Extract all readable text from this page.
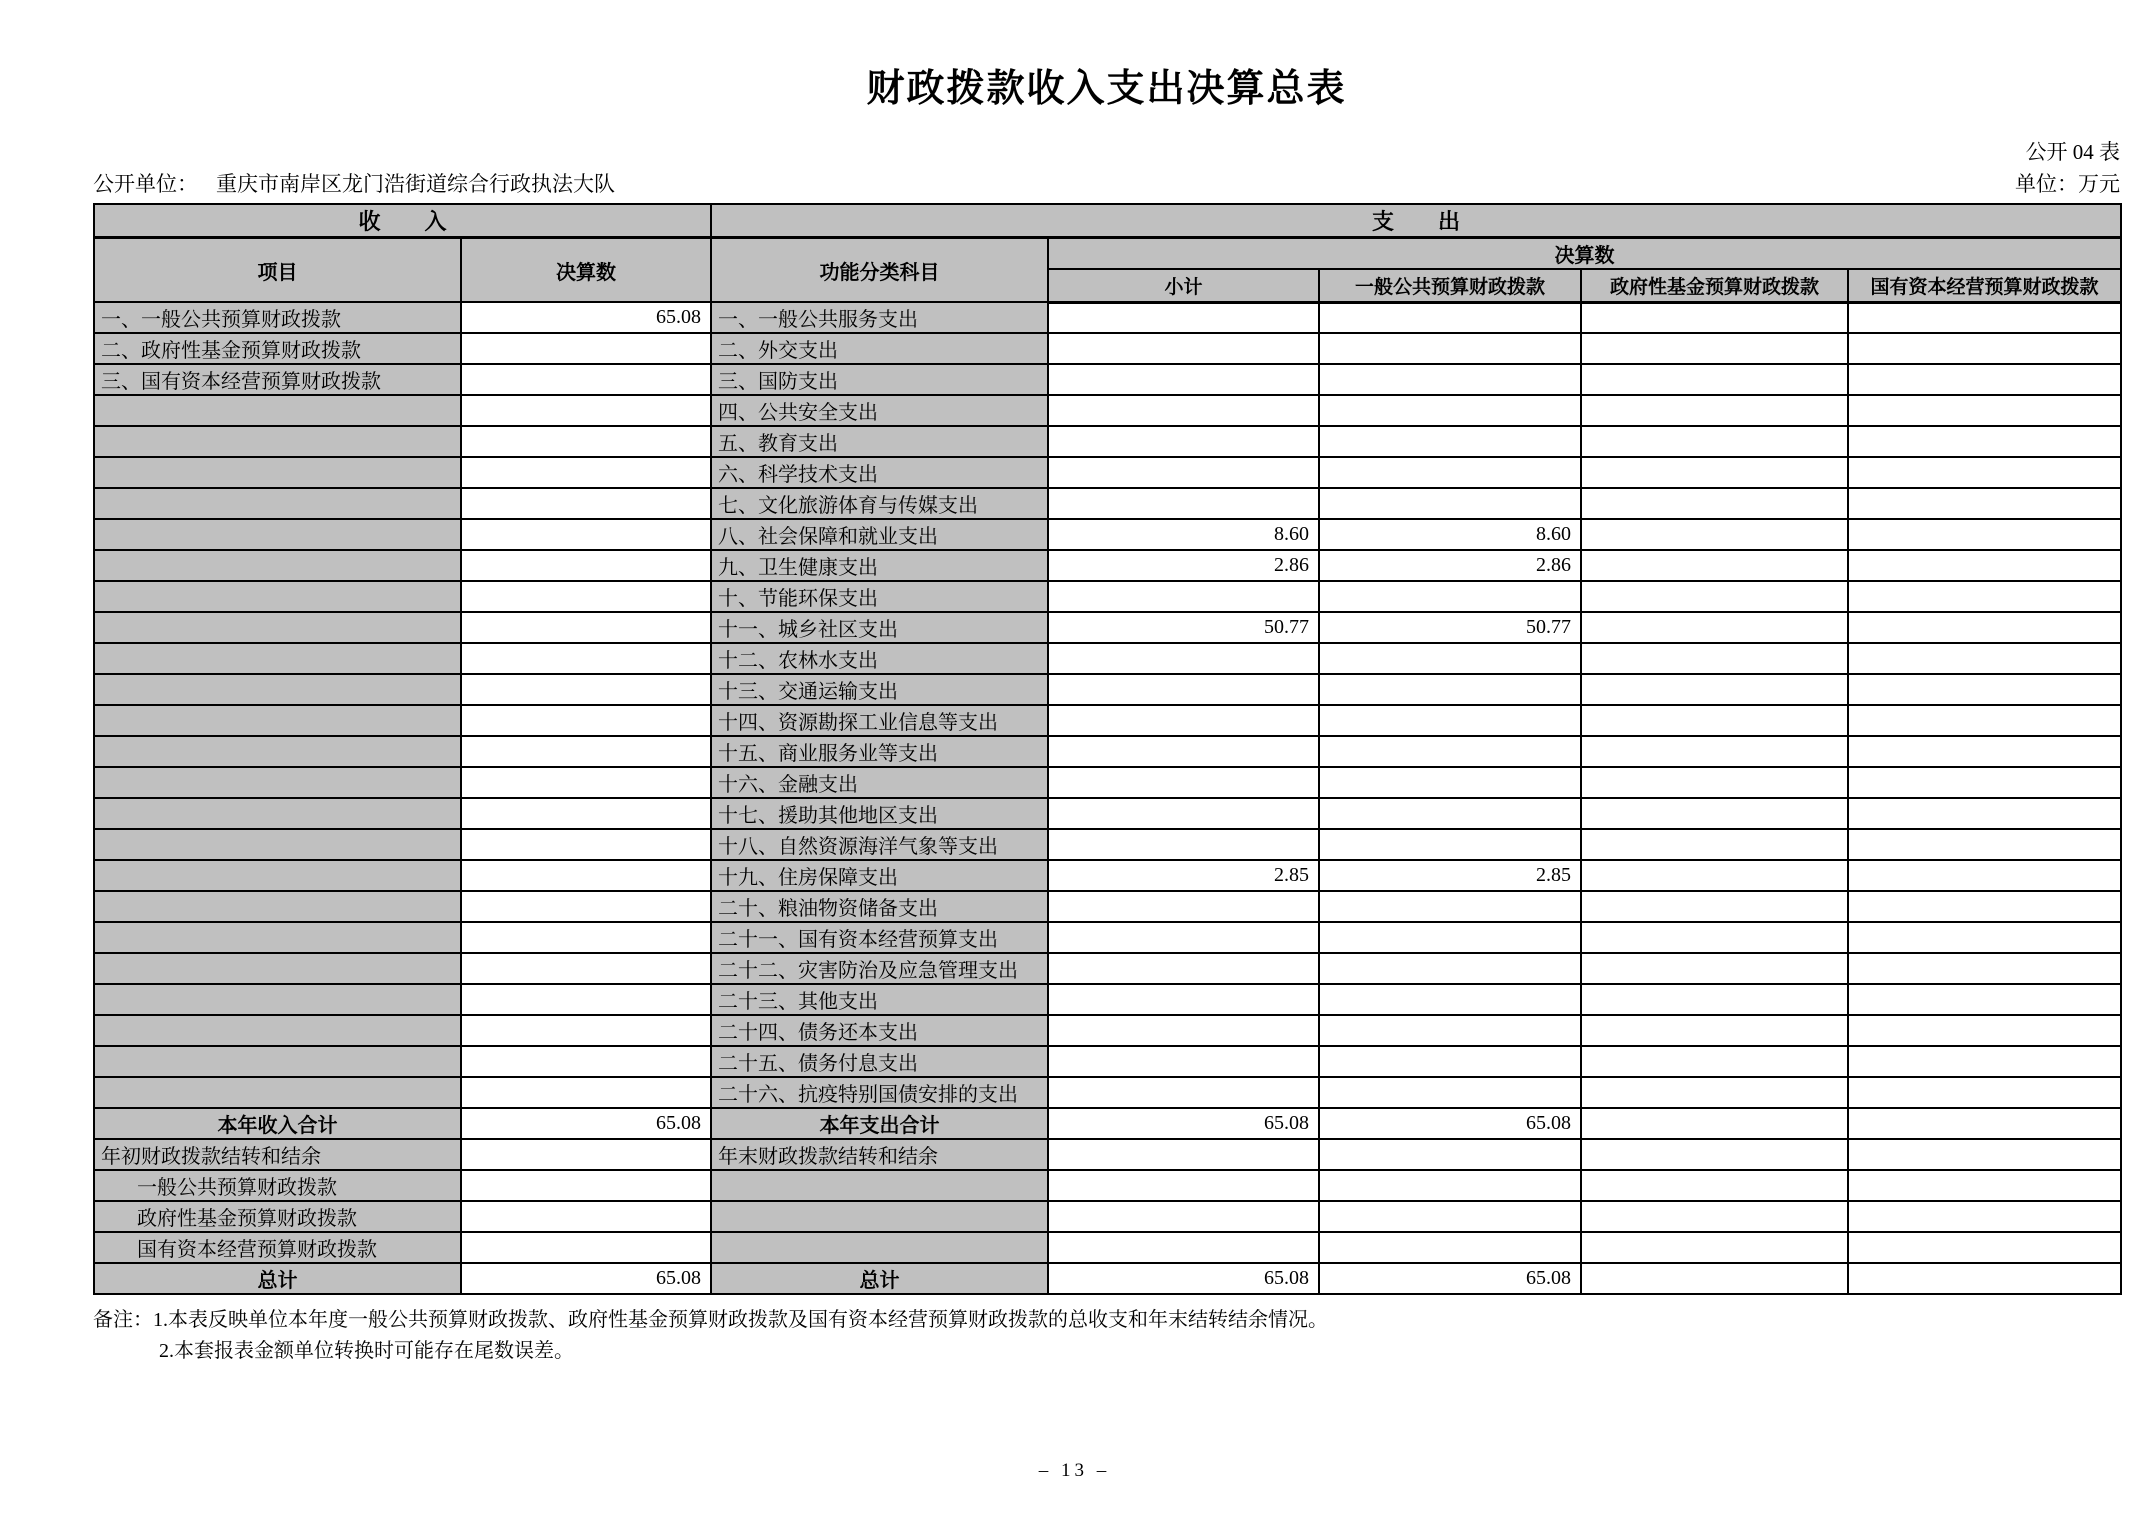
财政拨款收入支出决算总表
公开 04 表
公开单位： 重庆市南岸区龙门浩街道综合行政执法大队	单位：万元
收　　入		支　　出				
项目	决算数	功能分类科目	决算数			
			小计	一般公共预算财政拨款	政府性基金预算财政拨款	国有资本经营预算财政拨款
一、一般公共预算财政拨款	65.08	一、一般公共服务支出				
二、政府性基金预算财政拨款		二、外交支出				
三、国有资本经营预算财政拨款		三、国防支出				
		四、公共安全支出				
		五、教育支出				
		六、科学技术支出				
		七、文化旅游体育与传媒支出				
		八、社会保障和就业支出	8.60	8.60		
		九、卫生健康支出	2.86	2.86		
		十、节能环保支出				
		十一、城乡社区支出	50.77	50.77		
		十二、农林水支出				
		十三、交通运输支出				
		十四、资源勘探工业信息等支出				
		十五、商业服务业等支出				
		十六、金融支出				
		十七、援助其他地区支出				
		十八、自然资源海洋气象等支出				
		十九、住房保障支出	2.85	2.85		
		二十、粮油物资储备支出				
		二十一、国有资本经营预算支出				
		二十二、灾害防治及应急管理支出				
		二十三、其他支出				
		二十四、债务还本支出				
		二十五、债务付息支出				
		二十六、抗疫特别国债安排的支出				
本年收入合计	65.08	本年支出合计	65.08	65.08		
年初财政拨款结转和结余		年末财政拨款结转和结余				
一般公共预算财政拨款						
政府性基金预算财政拨款						
国有资本经营预算财政拨款						
总计	65.08	总计	65.08	65.08		
备注：1.本表反映单位本年度一般公共预算财政拨款、政府性基金预算财政拨款及国有资本经营预算财政拨款的总收支和年末结转结余情况。
2.本套报表金额单位转换时可能存在尾数误差。
– 13 –
